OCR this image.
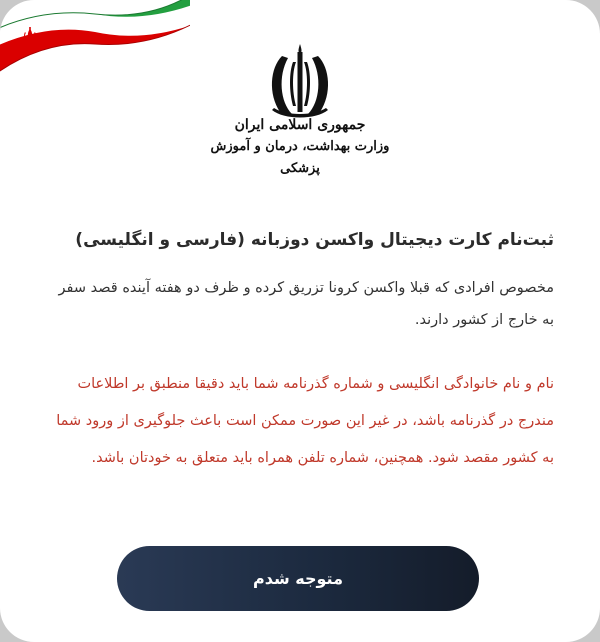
جمهوری اسلامی ایران
وزارت بهداشت، درمان و آموزش پزشکی
ثبت‌نام کارت دیجیتال واکسن دوزبانه (فارسی و انگلیسی)

مخصوص افرادی که قبلا واکسن کرونا تزریق کرده و ظرف دو هفته آینده قصد سفر به خارج از کشور دارند.

نام و نام خانوادگی انگلیسی و شماره گذرنامه شما باید دقیقا منطبق بر اطلاعات مندرج در گذرنامه باشد، در غیر این صورت ممکن است باعث جلوگیری از ورود شما به کشور مقصد شود. همچنین، شماره تلفن همراه باید متعلق به خودتان باشد.

متوجه شدم
